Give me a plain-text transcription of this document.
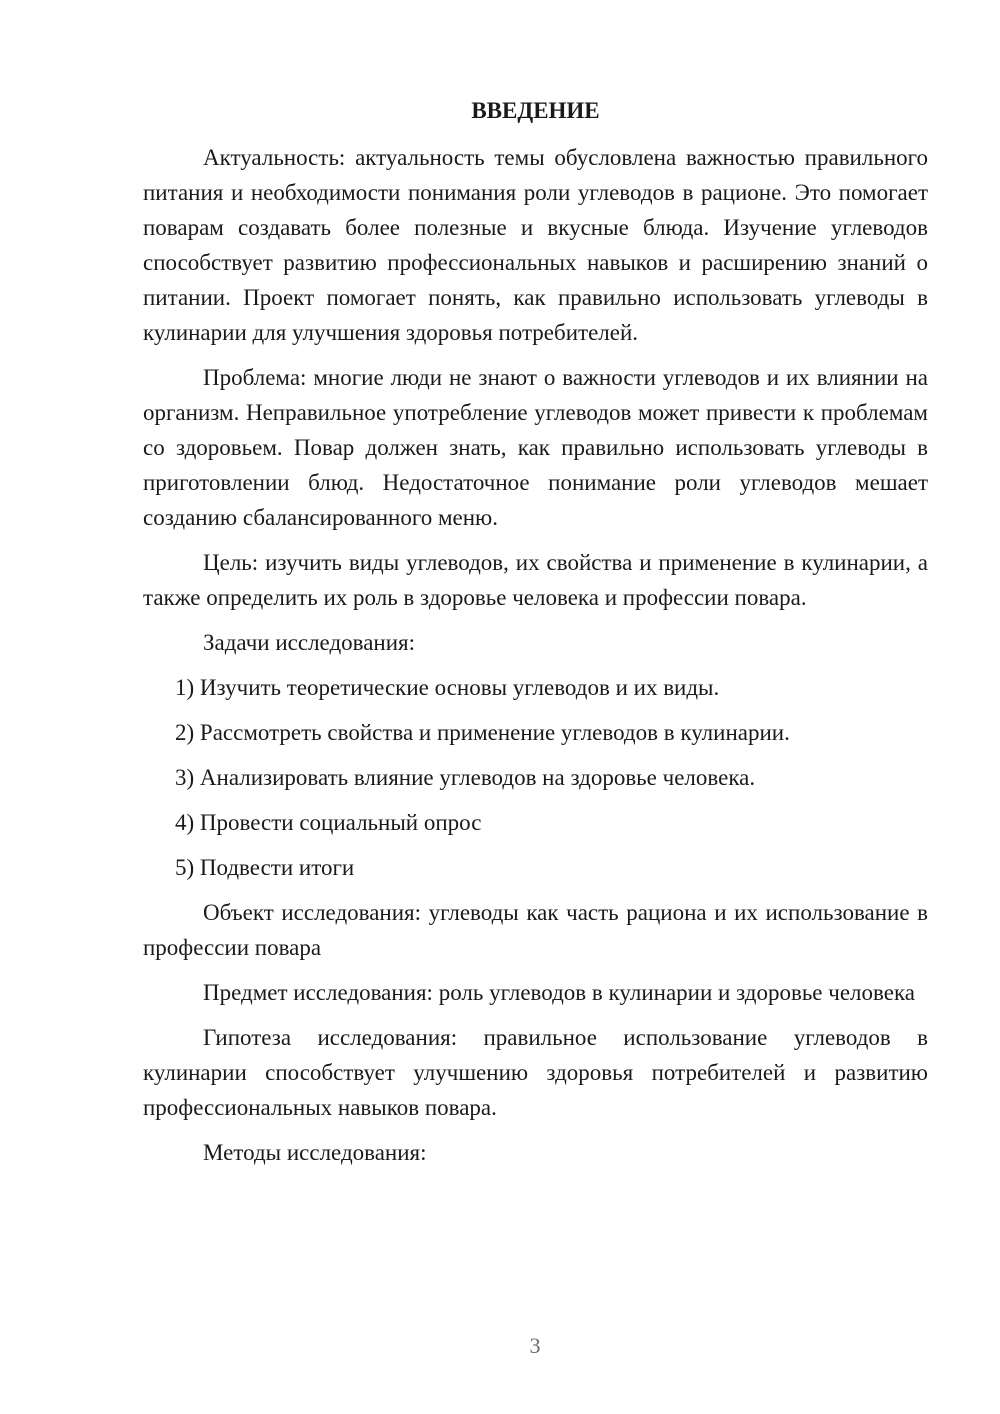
ВВЕДЕНИЕ

Актуальность: актуальность темы обусловлена важностью правильного питания и необходимости понимания роли углеводов в рационе. Это помогает поварам создавать более полезные и вкусные блюда. Изучение углеводов способствует развитию профессиональных навыков и расширению знаний о питании. Проект помогает понять, как правильно использовать углеводы в кулинарии для улучшения здоровья потребителей.

Проблема: многие люди не знают о важности углеводов и их влиянии на организм. Неправильное употребление углеводов может привести к проблемам со здоровьем. Повар должен знать, как правильно использовать углеводы в приготовлении блюд. Недостаточное понимание роли углеводов мешает созданию сбалансированного меню.

Цель: изучить виды углеводов, их свойства и применение в кулинарии, а также определить их роль в здоровье человека и профессии повара.

Задачи исследования:

1) Изучить теоретические основы углеводов и их виды.

2) Рассмотреть свойства и применение углеводов в кулинарии.

3) Анализировать влияние углеводов на здоровье человека.

4) Провести социальный опрос

5) Подвести итоги

Объект исследования: углеводы как часть рациона и их использование в профессии повара

Предмет исследования: роль углеводов в кулинарии и здоровье человека

Гипотеза исследования: правильное использование углеводов в кулинарии способствует улучшению здоровья потребителей и развитию профессиональных навыков повара.

Методы исследования:

3
